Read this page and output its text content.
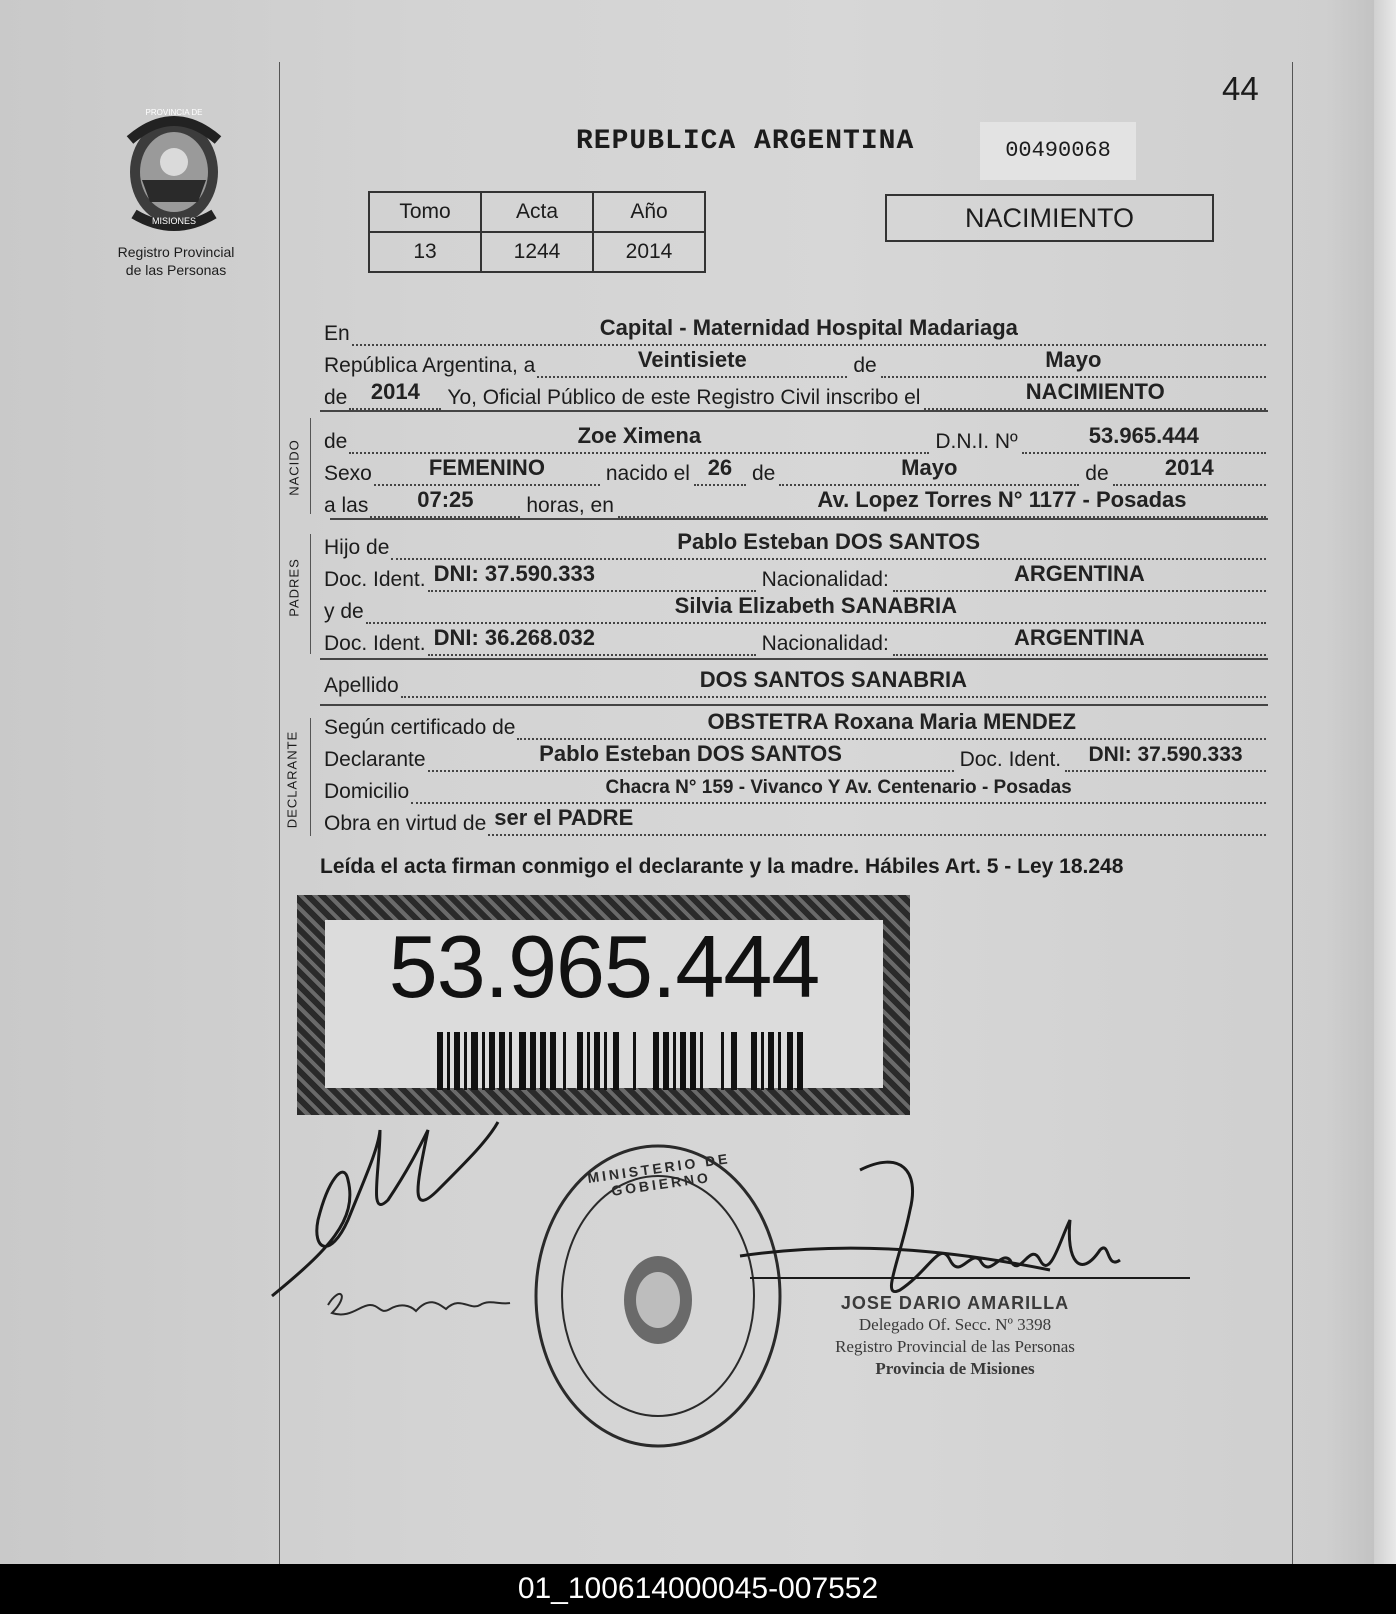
PROVINCIA DE
MISIONES
Registro Provincial
de las Personas
44
REPUBLICA ARGENTINA	00490068
Tomo	Acta	Año
13	1244	2014
NACIMIENTO
En	Capital - Maternidad Hospital Madariaga
República Argentina, a	Veintisiete	de	Mayo
de	2014	Yo, Oficial Público de este Registro Civil inscribo el	NACIMIENTO
NACIDO de	Zoe Ximena	D.N.I. Nº	53.965.444
Sexo	FEMENINO	nacido el 26 de	Mayo	de	2014
a las	07:25	horas, en	Av. Lopez Torres N° 1177 - Posadas
PADRES
Hijo de	Pablo Esteban DOS SANTOS
Doc. Ident. DNI: 37.590.333	Nacionalidad:	ARGENTINA
y de	Silvia Elizabeth SANABRIA
Doc. Ident. DNI: 36.268.032	Nacionalidad:	ARGENTINA
Apellido	DOS SANTOS SANABRIA
DECLARANTE
Según certificado de	OBSTETRA Roxana Maria MENDEZ
Declarante	Pablo Esteban DOS SANTOS	Doc. Ident.	DNI: 37.590.333
Domicilio	Chacra N° 159 - Vivanco Y Av. Centenario - Posadas
Obra en virtud de ser el PADRE
Leída el acta firman conmigo el declarante y la madre. Hábiles Art. 5 - Ley 18.248
53.965.444
MINISTERIO DE GOBIERNO
JOSE DARIO AMARILLA
Delegado Of. Secc. Nº 3398
Registro Provincial de las Personas
Provincia de Misiones
01_100614000045-007552
